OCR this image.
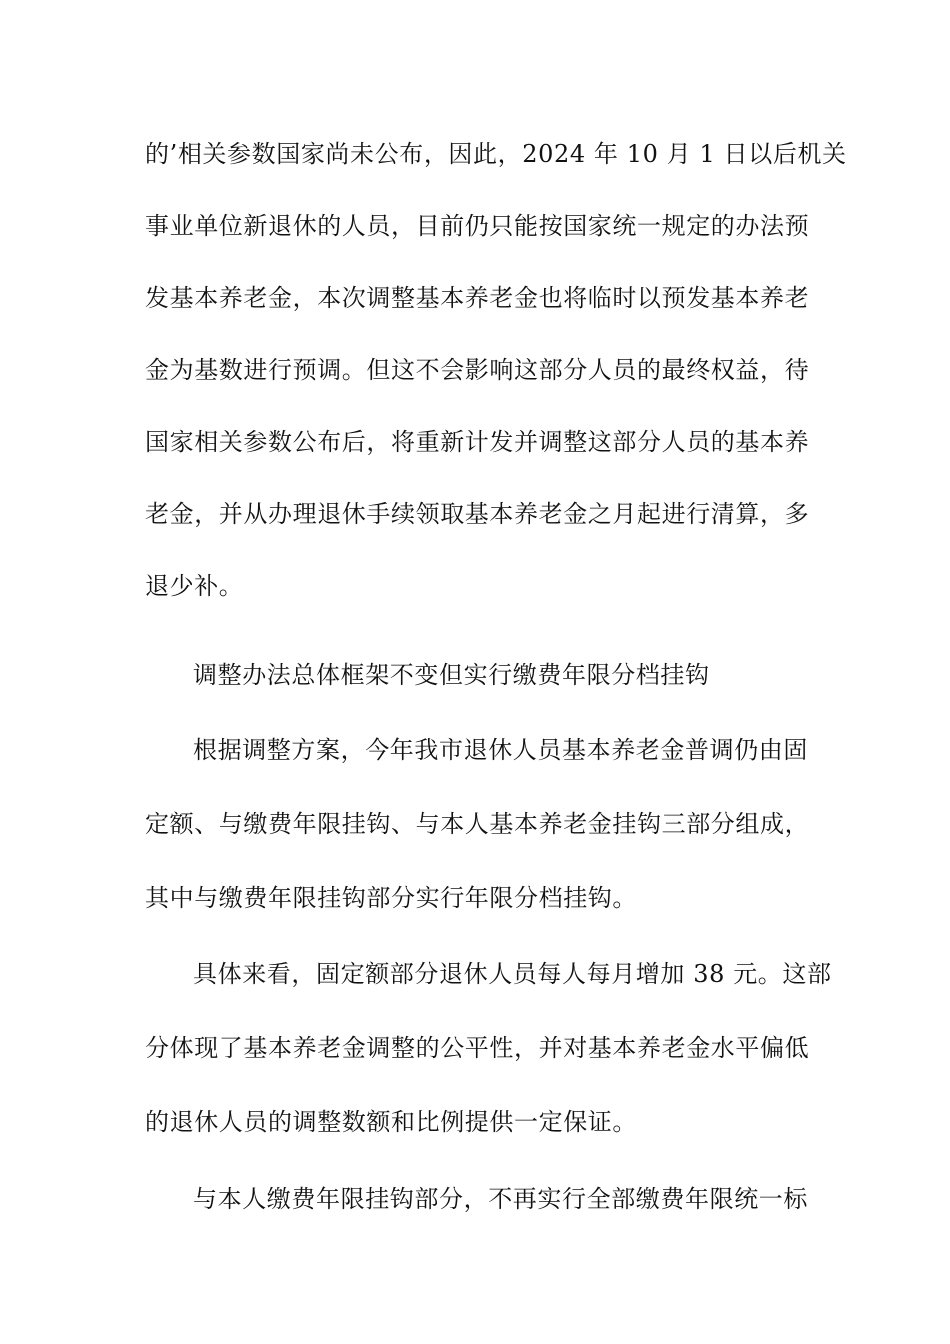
的’相关参数国家尚未公布，因此，2024 年 10 月 1 日以后机关
事业单位新退休的人员，目前仍只能按国家统一规定的办法预
发基本养老金，本次调整基本养老金也将临时以预发基本养老
金为基数进行预调。但这不会影响这部分人员的最终权益，待
国家相关参数公布后，将重新计发并调整这部分人员的基本养
老金，并从办理退休手续领取基本养老金之月起进行清算，多
退少补。
调整办法总体框架不变但实行缴费年限分档挂钩
根据调整方案，今年我市退休人员基本养老金普调仍由固
定额、与缴费年限挂钩、与本人基本养老金挂钩三部分组成，
其中与缴费年限挂钩部分实行年限分档挂钩。
具体来看，固定额部分退休人员每人每月增加 38 元。这部
分体现了基本养老金调整的公平性，并对基本养老金水平偏低
的退休人员的调整数额和比例提供一定保证。
与本人缴费年限挂钩部分，不再实行全部缴费年限统一标
